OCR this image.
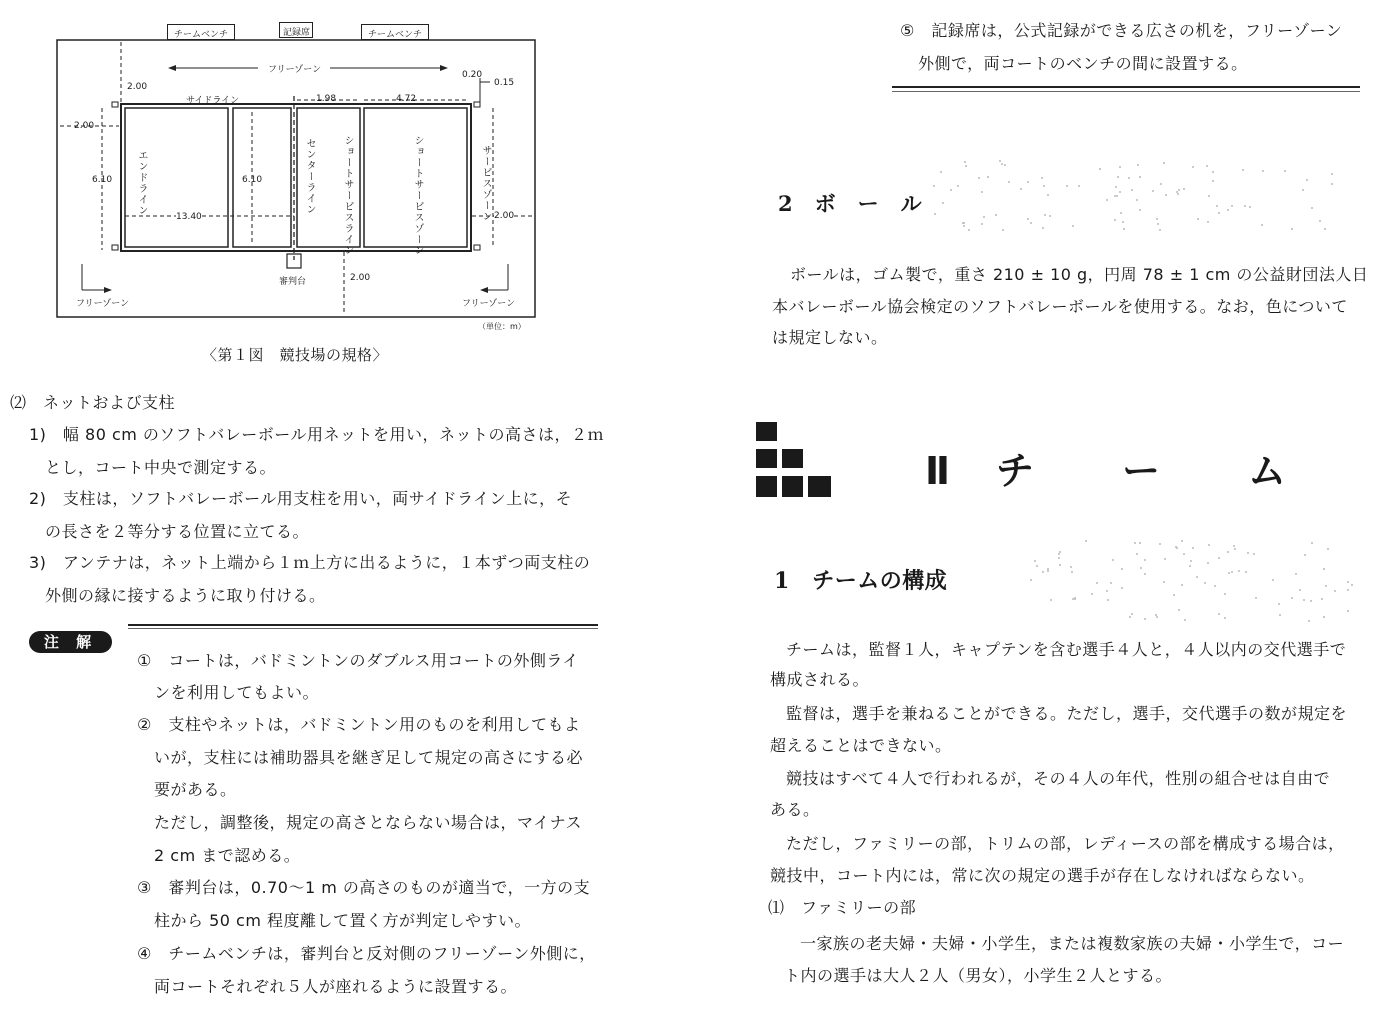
チームベンチ	記録席	チームベンチ
フリーゾーン
2.00
0.20
0.15
サイドライン	1.98	4.72
2.00
6.10	6.10
13.40	2.00
2.00
エンドライン	センターライン	ショートサービスライン	ショートサービスゾーン	サービスゾーン
審判台
フリーゾーン	フリーゾーン
（単位：m）
〈第１図　競技場の規格〉
⑵　ネットおよび支柱
1)　幅 80 cm のソフトバレーボール用ネットを用い，ネットの高さは，２ｍ
とし，コート中央で測定する。
2)　支柱は，ソフトバレーボール用支柱を用い，両サイドライン上に，そ
の長さを２等分する位置に立てる。
3)　アンテナは，ネット上端から１ｍ上方に出るように，１本ずつ両支柱の
外側の縁に接するように取り付ける。
注 解
①　コートは，バドミントンのダブルス用コートの外側ライ
ンを利用してもよい。
②　支柱やネットは，バドミントン用のものを利用してもよ
いが，支柱には補助器具を継ぎ足して規定の高さにする必
要がある。
ただし，調整後，規定の高さとならない場合は，マイナス
2 cm まで認める。
③　審判台は，0.70～1 m の高さのものが適当で，一方の支
柱から 50 cm 程度離して置く方が判定しやすい。
④　チームベンチは，審判台と反対側のフリーゾーン外側に，
両コートそれぞれ５人が座れるように設置する。
⑤　記録席は，公式記録ができる広さの机を，フリーゾーン
外側で，両コートのベンチの間に設置する。
2　ボ　ー　ル
ボールは，ゴム製で，重さ 210 ± 10 g，円周 78 ± 1 cm の公益財団法人日
本バレーボール協会検定のソフトバレーボールを使用する。なお，色について
は規定しない。
Ⅱ　チ　　ー　　ム
1　チームの構成
チームは，監督１人，キャプテンを含む選手４人と，４人以内の交代選手で
構成される。
監督は，選手を兼ねることができる。ただし，選手，交代選手の数が規定を
超えることはできない。
競技はすべて４人で行われるが，その４人の年代，性別の組合せは自由で
ある。
ただし，ファミリーの部，トリムの部，レディースの部を構成する場合は，
競技中，コート内には，常に次の規定の選手が存在しなければならない。
⑴　ファミリーの部
一家族の老夫婦・夫婦・小学生，または複数家族の夫婦・小学生で，コー
ト内の選手は大人２人（男女），小学生２人とする。
